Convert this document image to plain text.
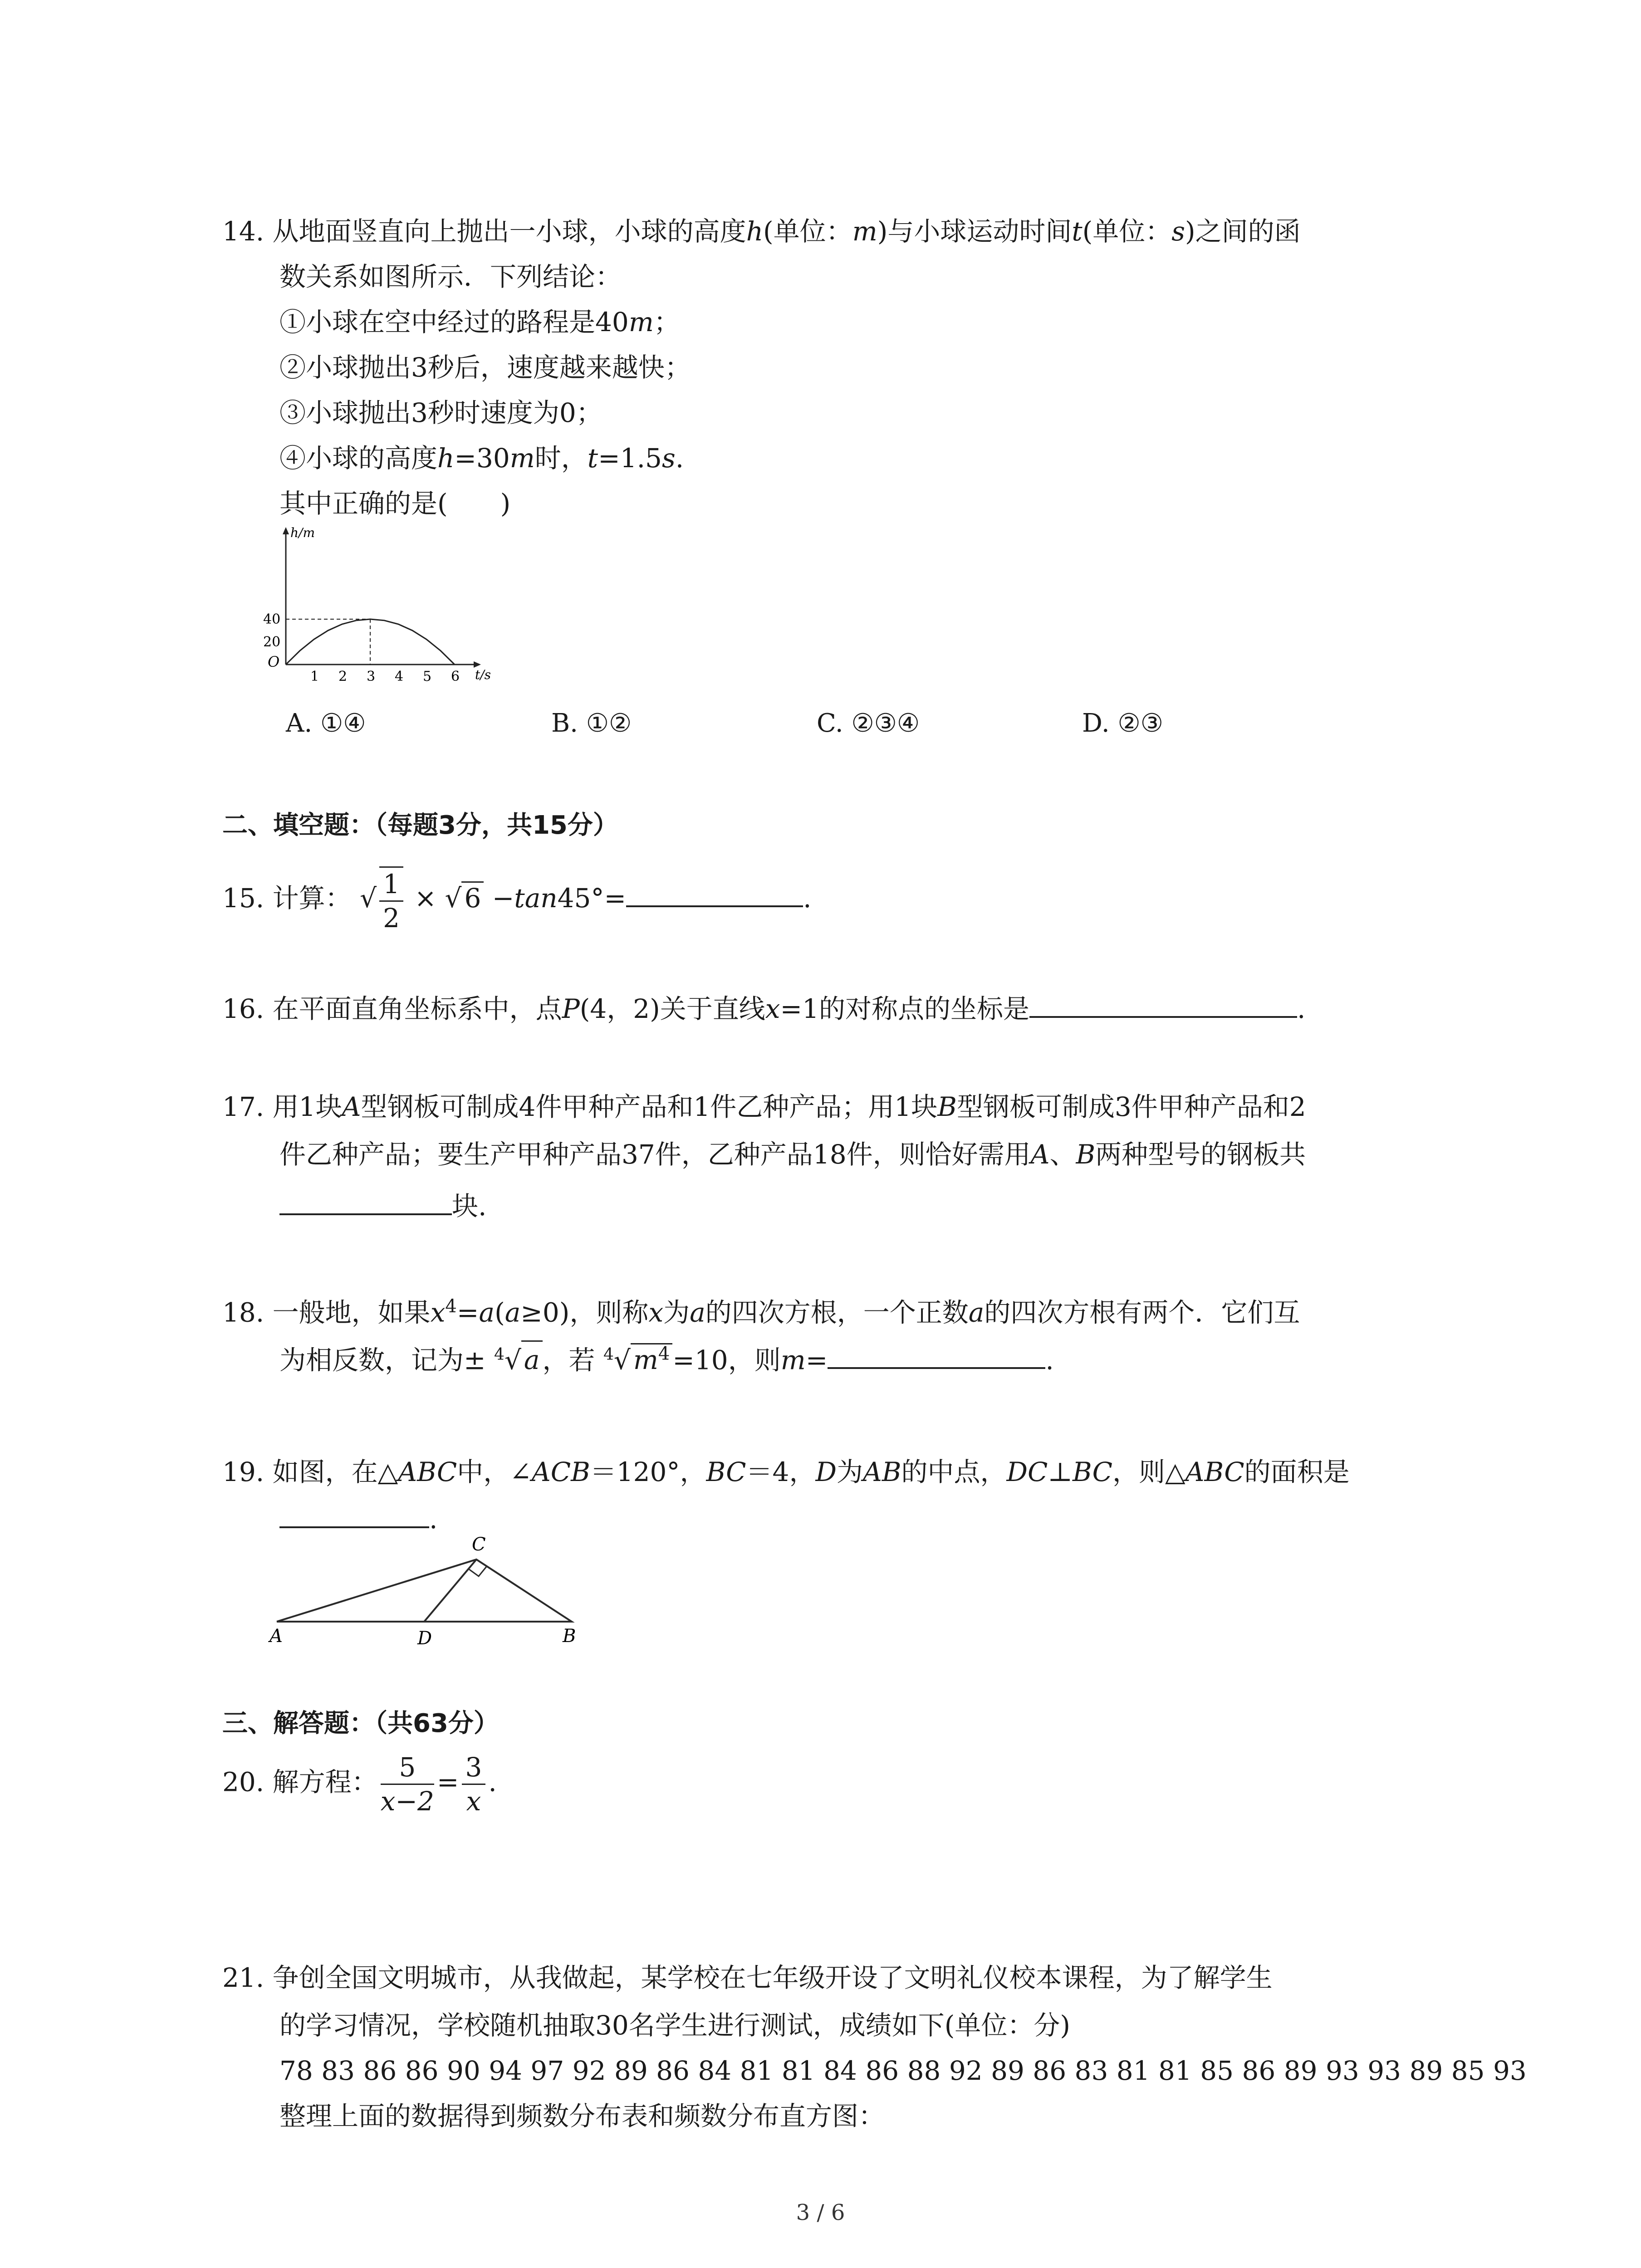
14. 从地面竖直向上抛出一小球，小球的高度h(单位：m)与小球运动时间t(单位：s)之间的函
数关系如图所示．下列结论：
①小球在空中经过的路程是40m；
②小球抛出3秒后，速度越来越快；
③小球抛出3秒时速度为0；
④小球的高度h=30m时，t=1.5s.
其中正确的是(　　)
1 2 3 4 5 6
40
20
O
h/m
t/s
A. ①④	B. ①②	C. ②③④	D. ②③
二、填空题：（每题3分，共15分）
15. 计算： √ $\frac{1}{2}$ × √ 6 −tan45°=	.
16. 在平面直角坐标系中，点P(4，2)关于直线x=1的对称点的坐标是	.
17. 用1块A型钢板可制成4件甲种产品和1件乙种产品；用1块B型钢板可制成3件甲种产品和2
件乙种产品；要生产甲种产品37件，乙种产品18件，则恰好需用A、B两种型号的钢板共
块.
18. 一般地，如果$x^4=a(a\ge 0)$，则称x为a的四次方根，一个正数a的四次方根有两个．它们互
为相反数，记为± $^4$√ a ，若 $^4$√ $m^4 =10$，则m=	.
19. 如图，在△ABC中，∠ACB＝120°，BC＝4，D为AB的中点，DC⊥BC，则△ABC的面积是
.
A	D	B
C
三、解答题：（共63分）
20. 解方程： $\frac{5}{x-2} = \frac{3}{x}$ .
21. 争创全国文明城市，从我做起，某学校在七年级开设了文明礼仪校本课程，为了解学生
的学习情况，学校随机抽取30名学生进行测试，成绩如下(单位：分)
78 83 86 86 90 94 97 92 89 86 84 81 81 84 86 88 92 89 86 83 81 81 85 86 89 93 93 89 85 93
整理上面的数据得到频数分布表和频数分布直方图：
3 / 6
